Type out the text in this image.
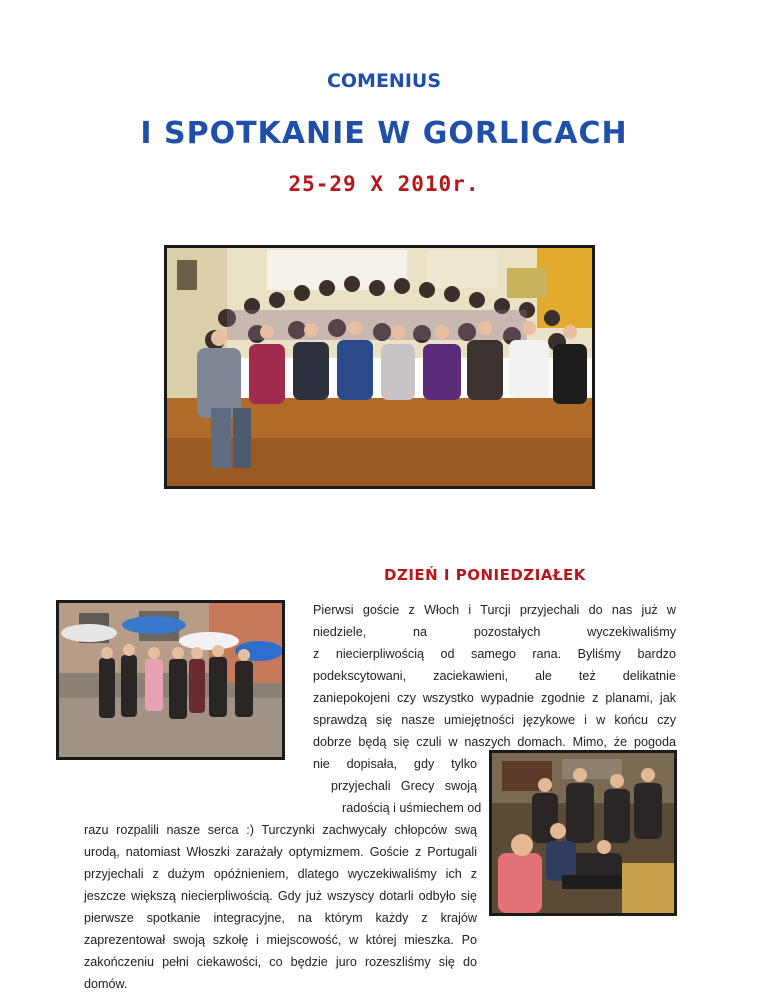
COMENIUS
I SPOTKANIE W GORLICACH
25-29 X 2010r.
DZIEŃ I PONIEDZIAŁEK
Pierwsi goście z Włoch i Turcji przyjechali do nas już w
niedziele, na pozostałych wyczekiwaliśmy
z niecierpliwością od samego rana. Byliśmy bardzo
podekscytowani, zaciekawieni, ale też delikatnie
zaniepokojeni czy wszystko wypadnie zgodnie z planami, jak
sprawdzą się nasze umiejętności językowe i w końcu czy
dobrze będą się czuli w naszych domach. Mimo, że pogoda
nie dopisała, gdy tylko
przyjechali Grecy swoją
radością i uśmiechem od
razu rozpalili nasze serca :) Turczynki zachwycały chłopców swą
urodą, natomiast Włoszki zarażały optymizmem. Goście z Portugali
przyjechali z dużym opóźnieniem, dlatego wyczekiwaliśmy ich z
jeszcze większą niecierpliwością. Gdy już wszyscy dotarli odbyło się
pierwsze spotkanie integracyjne, na którym każdy z krajów
zaprezentował swoją szkołę i miejscowość, w której mieszka. Po
zakończeniu pełni ciekawości, co będzie juro rozeszliśmy się do
domów.
